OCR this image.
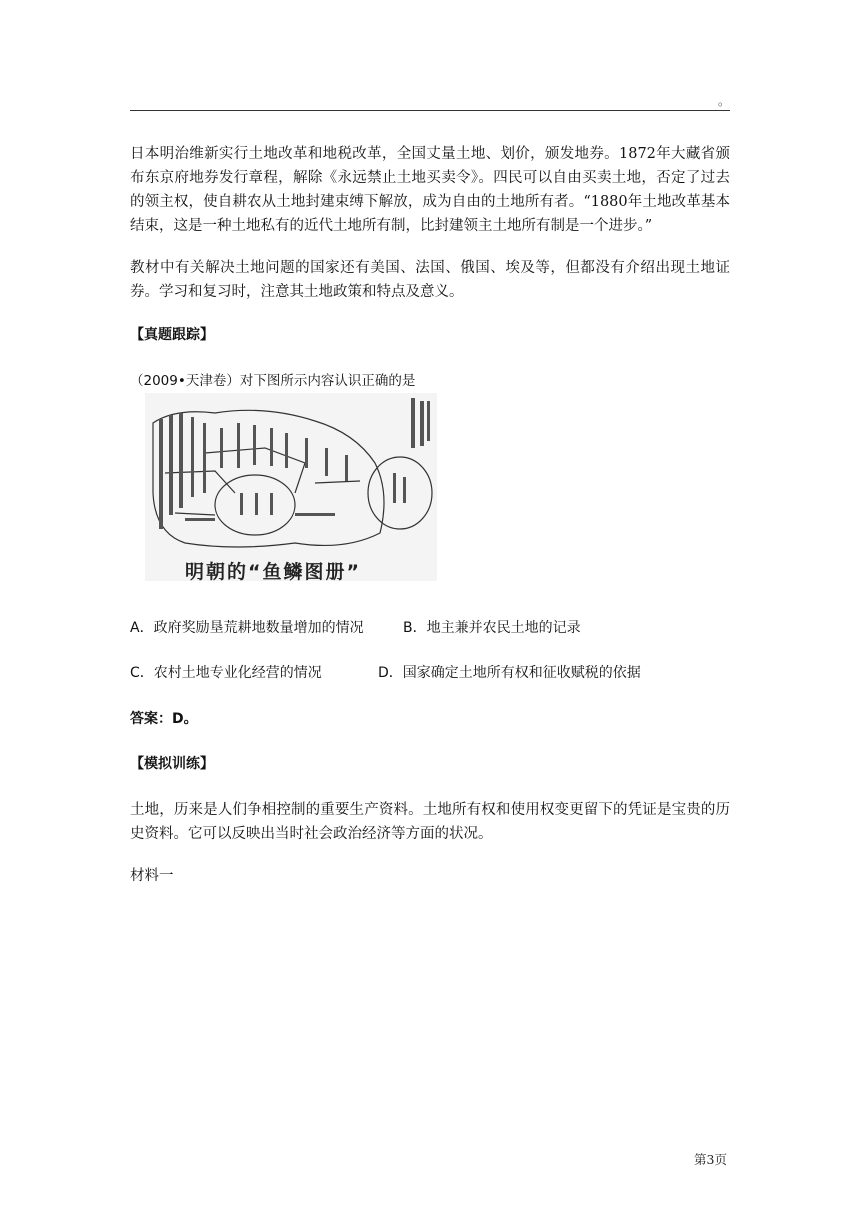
。

日本明治维新实行土地改革和地税改革，全国丈量土地、划价，颁发地券。1872年大藏省颁布东京府地券发行章程，解除《永远禁止土地买卖令》。四民可以自由买卖土地，否定了过去的领主权，使自耕农从土地封建束缚下解放，成为自由的土地所有者。“1880年土地改革基本结束，这是一种土地私有的近代土地所有制，比封建领主土地所有制是一个进步。”

教材中有关解决土地问题的国家还有美国、法国、俄国、埃及等，但都没有介绍出现土地证券。学习和复习时，注意其土地政策和特点及意义。

【真题跟踪】
（2009•天津卷）对下图所示内容认识正确的是
明朝的“鱼鳞图册”
A．政府奖励垦荒耕地数量增加的情况	B．地主兼并农民土地的记录
C．农村土地专业化经营的情况	D．国家确定土地所有权和征收赋税的依据
答案：D。
【模拟训练】

土地，历来是人们争相控制的重要生产资料。土地所有权和使用权变更留下的凭证是宝贵的历史资料。它可以反映出当时社会政治经济等方面的状况。

材料一
第3页
